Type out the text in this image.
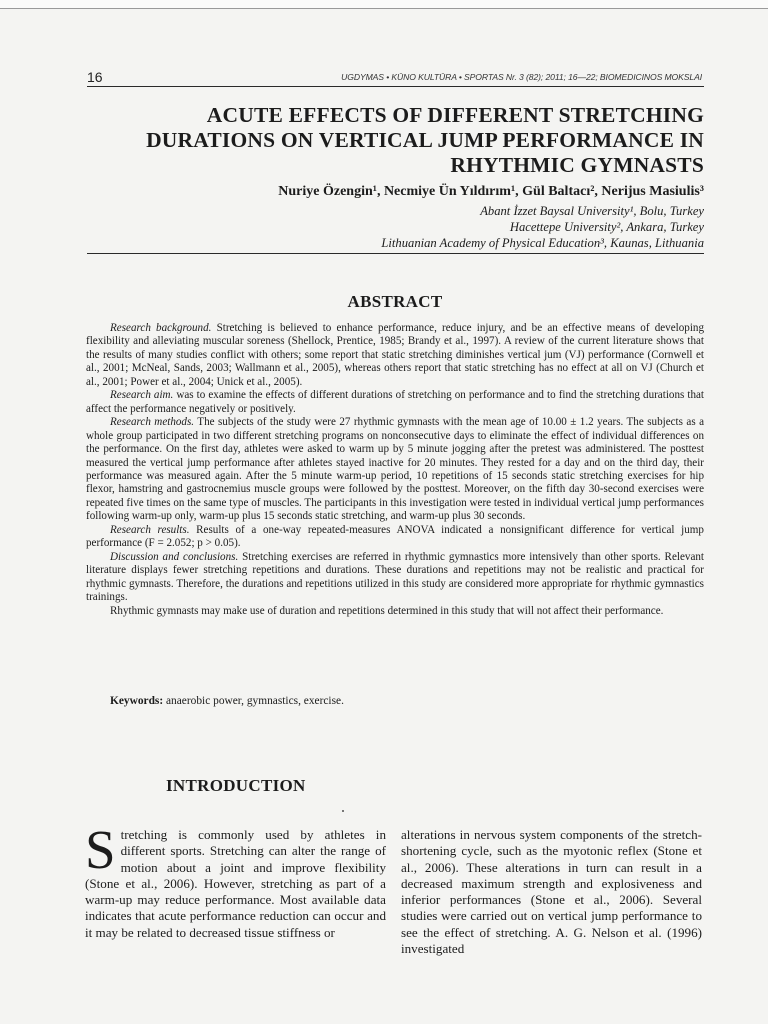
16	UGDYMAS • KŪNO KULTŪRA • SPORTAS Nr. 3 (82); 2011; 16—22; BIOMEDICINOS MOKSLAI
ACUTE EFFECTS OF DIFFERENT STRETCHING
DURATIONS ON VERTICAL JUMP PERFORMANCE IN
RHYTHMIC GYMNASTS
Nuriye Özengin¹, Necmiye Ün Yıldırım¹, Gül Baltacı², Nerijus Masiulis³
Abant İzzet Baysal University¹, Bolu, Turkey
Hacettepe University², Ankara, Turkey
Lithuanian Academy of Physical Education³, Kaunas, Lithuania
ABSTRACT

Research background. Stretching is believed to enhance performance, reduce injury, and be an effective means of developing flexibility and alleviating muscular soreness (Shellock, Prentice, 1985; Brandy et al., 1997). A review of the current literature shows that the results of many studies conflict with others; some report that static stretching diminishes vertical jum (VJ) performance (Cornwell et al., 2001; McNeal, Sands, 2003; Wallmann et al., 2005), whereas others report that static stretching has no effect at all on VJ (Church et al., 2001; Power et al., 2004; Unick et al., 2005).

Research aim. was to examine the effects of different durations of stretching on performance and to find the stretching durations that affect the performance negatively or positively.

Research methods. The subjects of the study were 27 rhythmic gymnasts with the mean age of 10.00 ± 1.2 years. The subjects as a whole group participated in two different stretching programs on nonconsecutive days to eliminate the effect of individual differences on the performance. On the first day, athletes were asked to warm up by 5 minute jogging after the pretest was administered. The posttest measured the vertical jump performance after athletes stayed inactive for 20 minutes. They rested for a day and on the third day, their performance was measured again. After the 5 minute warm-up period, 10 repetitions of 15 seconds static stretching exercises for hip flexor, hamstring and gastrocnemius muscle groups were followed by the posttest. Moreover, on the fifth day 30-second exercises were repeated five times on the same type of muscles. The participants in this investigation were tested in individual vertical jump performances following warm-up only, warm-up plus 15 seconds static stretching, and warm-up plus 30 seconds.

Research results. Results of a one-way repeated-measures ANOVA indicated a nonsignificant difference for vertical jump performance (F = 2.052; p > 0.05).

Discussion and conclusions. Stretching exercises are referred in rhythmic gymnastics more intensively than other sports. Relevant literature displays fewer stretching repetitions and durations. These durations and repetitions may not be realistic and practical for rhythmic gymnasts. Therefore, the durations and repetitions utilized in this study are considered more appropriate for rhythmic gymnastics trainings.

Rhythmic gymnasts may make use of duration and repetitions determined in this study that will not affect their performance.

Keywords: anaerobic power, gymnastics, exercise.
INTRODUCTION

Stretching is commonly used by athletes in different sports. Stretching can alter the range of motion about a joint and improve flexibility (Stone et al., 2006). However, stretching as part of a warm-up may reduce performance. Most available data indicates that acute performance reduction can occur and it may be related to decreased tissue stiffness or

alterations in nervous system components of the stretch-shortening cycle, such as the myotonic reflex (Stone et al., 2006). These alterations in turn can result in a decreased maximum strength and explosiveness and inferior performances (Stone et al., 2006). Several studies were carried out on vertical jump performance to see the effect of stretching. A. G. Nelson et al. (1996) investigated
